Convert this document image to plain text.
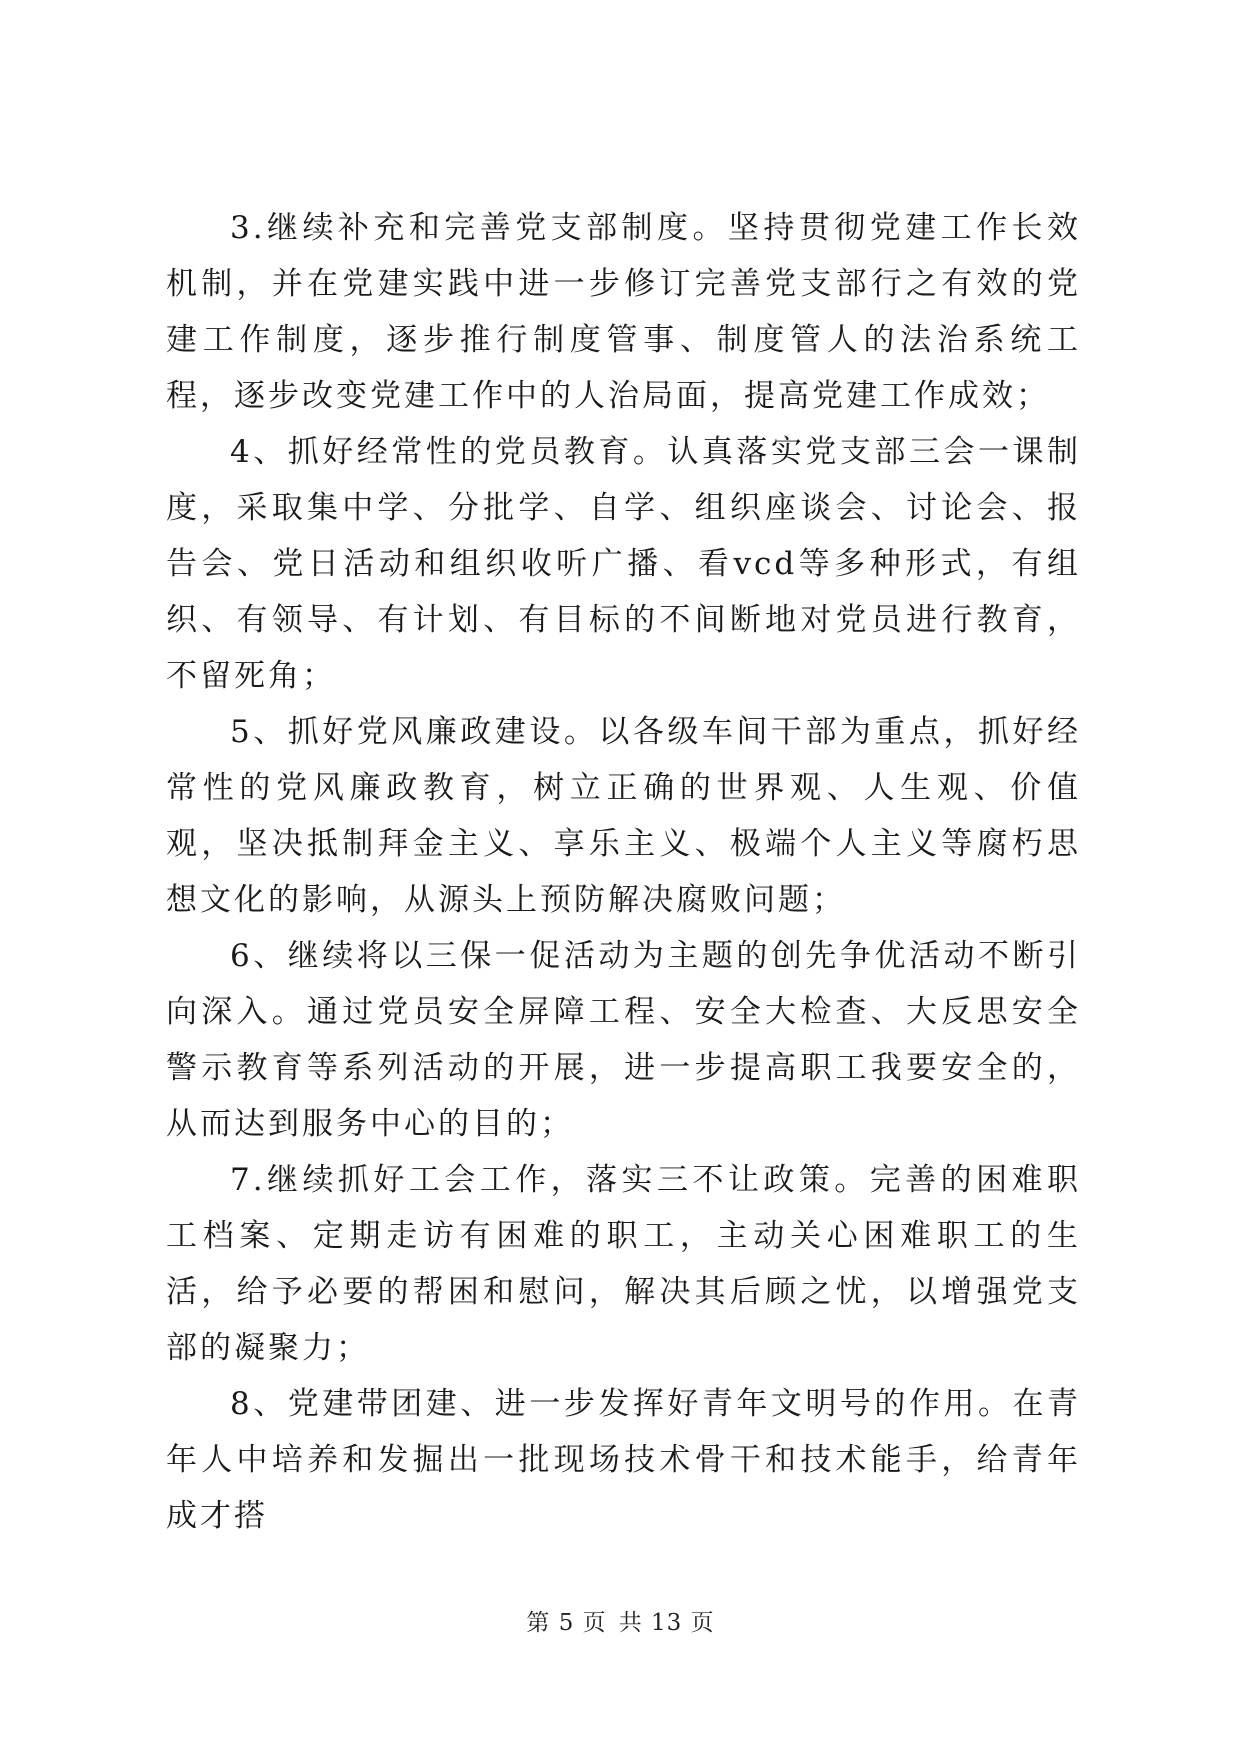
3.继续补充和完善党支部制度。坚持贯彻党建工作长效机制，并在党建实践中进一步修订完善党支部行之有效的党建工作制度，逐步推行制度管事、制度管人的法治系统工程，逐步改变党建工作中的人治局面，提高党建工作成效；

4、抓好经常性的党员教育。认真落实党支部三会一课制度，采取集中学、分批学、自学、组织座谈会、讨论会、报告会、党日活动和组织收听广播、看vcd等多种形式，有组织、有领导、有计划、有目标的不间断地对党员进行教育，不留死角；

5、抓好党风廉政建设。以各级车间干部为重点，抓好经常性的党风廉政教育，树立正确的世界观、人生观、价值观，坚决抵制拜金主义、享乐主义、极端个人主义等腐朽思想文化的影响，从源头上预防解决腐败问题；

6、继续将以三保一促活动为主题的创先争优活动不断引向深入。通过党员安全屏障工程、安全大检查、大反思安全警示教育等系列活动的开展，进一步提高职工我要安全的，从而达到服务中心的目的；

7.继续抓好工会工作，落实三不让政策。完善的困难职工档案、定期走访有困难的职工，主动关心困难职工的生活，给予必要的帮困和慰问，解决其后顾之忧，以增强党支部的凝聚力；

8、党建带团建、进一步发挥好青年文明号的作用。在青年人中培养和发掘出一批现场技术骨干和技术能手，给青年成才搭

第 5 页 共 13 页
